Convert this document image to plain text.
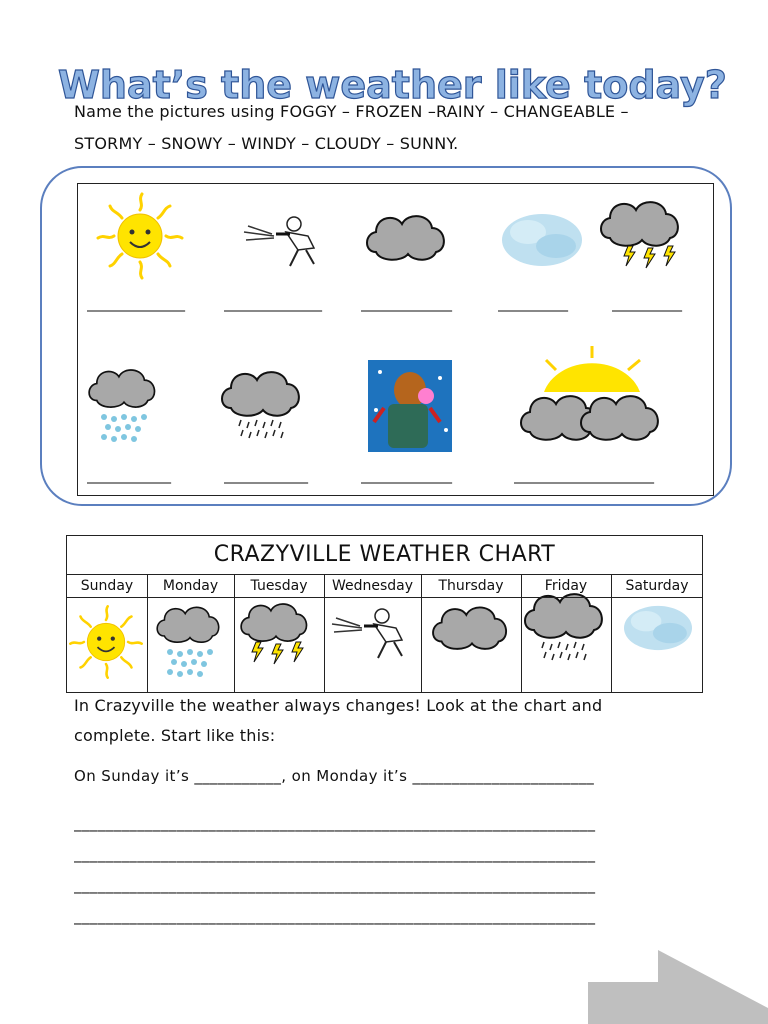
What’s the weather like today?
Name the pictures using FOGGY – FROZEN –RAINY – CHANGEABLE –
STORMY – SNOWY – WINDY – CLOUDY – SUNNY.
______________	______________	_____________	__________	__________
____________	____________	_____________	____________________
CRAZYVILLE WEATHER CHART
Sunday	Monday	Tuesday	Wednesday	Thursday	Friday	Saturday
In Crazyville the weather always changes! Look at the chart and
complete. Start like this:
On Sunday it’s ___________, on Monday it’s _______________________
__________________________________________________________________
__________________________________________________________________
__________________________________________________________________
__________________________________________________________________
